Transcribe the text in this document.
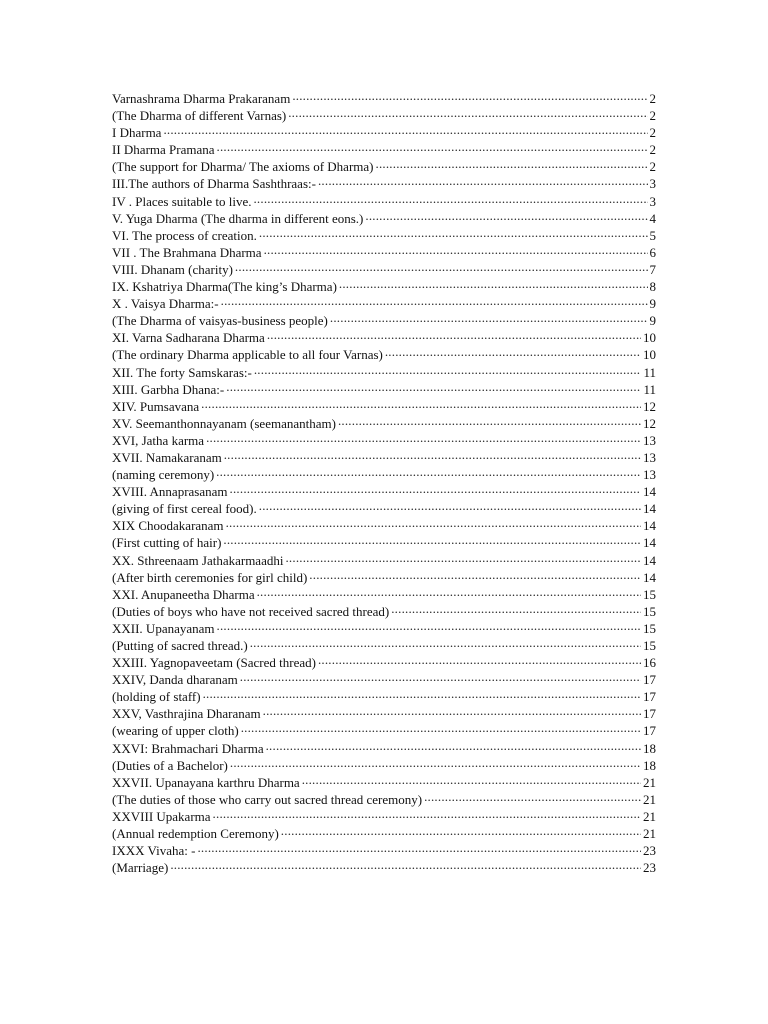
Varnashrama Dharma Prakaranam .....	2
(The Dharma of different Varnas) .....	2
I Dharma .....	2
II Dharma Pramana .....	2
(The support for Dharma/ The axioms of Dharma) .....	2
III.The authors of Dharma Sashthraas:- .....	3
IV . Places suitable to live. .....	3
V. Yuga Dharma (The dharma in different eons.) .....	4
VI. The process of creation. .....	5
VII . The Brahmana Dharma .....	6
VIII. Dhanam (charity) .....	7
IX. Kshatriya Dharma(The king’s Dharma) .....	8
X . Vaisya Dharma:- .....	9
(The Dharma of vaisyas-business people) .....	9
XI. Varna Sadharana Dharma .....	10
(The ordinary Dharma applicable to all four Varnas) .....	10
XII. The forty Samskaras:- .....	11
XIII. Garbha Dhana:- .....	11
XIV. Pumsavana .....	12
XV. Seemanthonnayanam (seemanantham) .....	12
XVI, Jatha karma .....	13
XVII. Namakaranam .....	13
(naming ceremony) .....	13
XVIII. Annaprasanam .....	14
(giving of first cereal food). .....	14
XIX Choodakaranam .....	14
(First cutting of hair) .....	14
XX. Sthreenaam Jathakarmaadhi .....	14
(After birth ceremonies for girl child) .....	14
XXI. Anupaneetha Dharma .....	15
(Duties of boys who have not received sacred thread) .....	15
XXII. Upanayanam .....	15
(Putting of sacred thread.) .....	15
XXIII. Yagnopaveetam (Sacred thread) .....	16
XXIV, Danda dharanam .....	17
(holding of staff) .....	17
XXV, Vasthrajina Dharanam .....	17
(wearing of upper cloth) .....	17
XXVI: Brahmachari Dharma .....	18
(Duties of a Bachelor) .....	18
XXVII. Upanayana karthru Dharma .....	21
(The duties of those who carry out sacred thread ceremony) .....	21
XXVIII Upakarma .....	21
(Annual redemption Ceremony) .....	21
IXXX Vivaha: - .....	23
(Marriage) .....	23
